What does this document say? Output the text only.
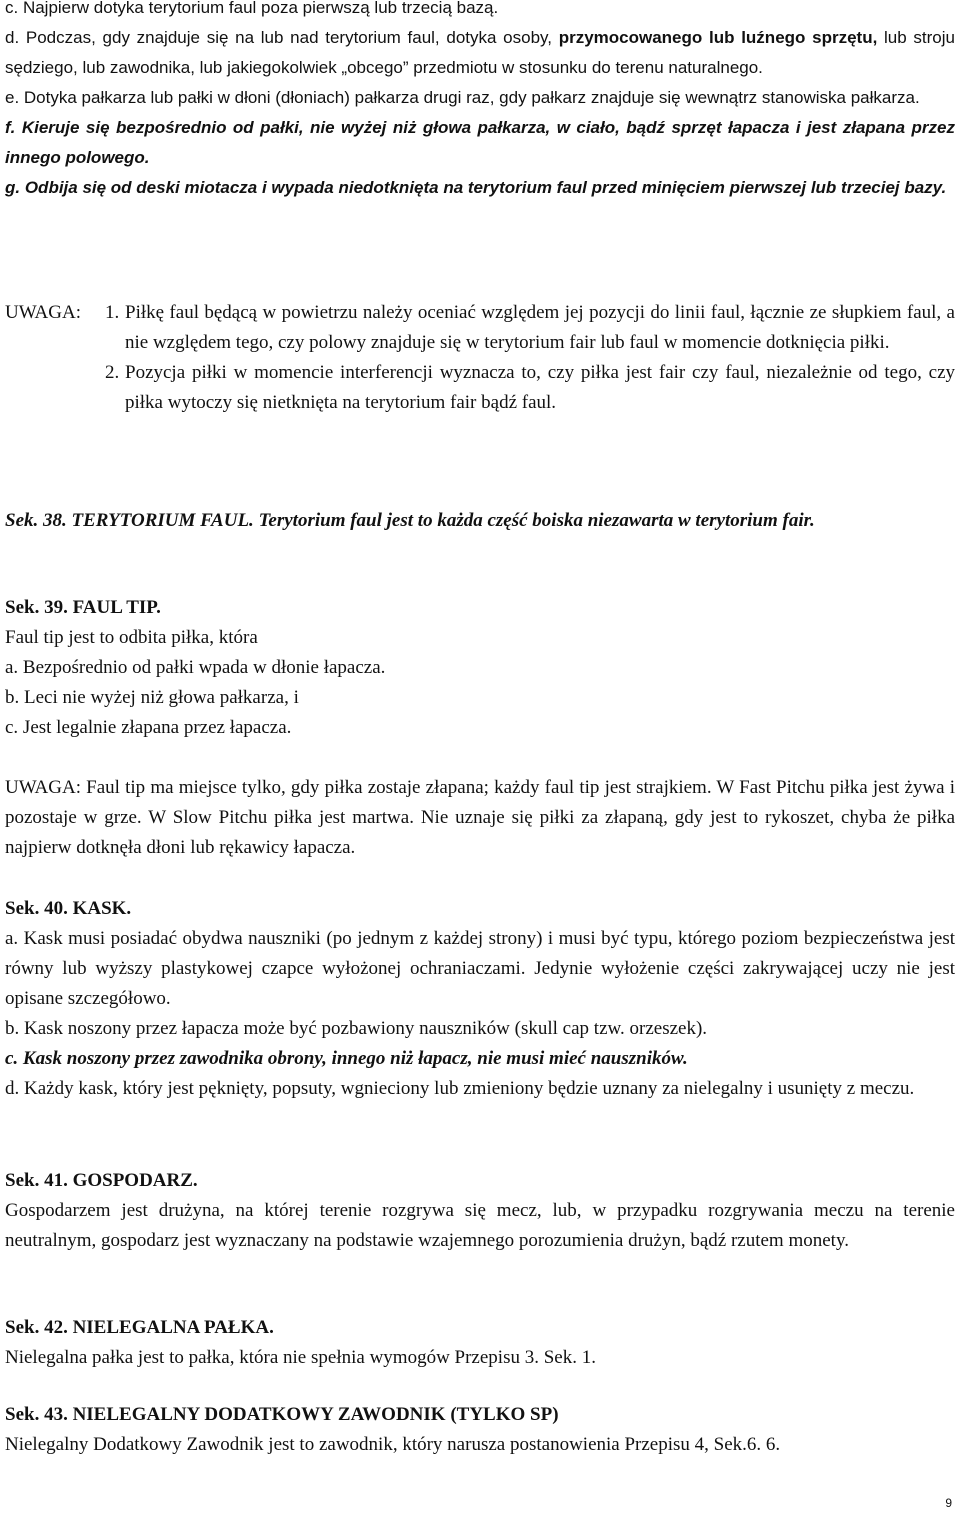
c. Najpierw dotyka terytorium faul poza pierwszą lub trzecią bazą.

d. Podczas, gdy znajduje się na lub nad terytorium faul, dotyka osoby, przymocowanego lub luźnego sprzętu, lub stroju sędziego, lub zawodnika, lub jakiegokolwiek „obcego” przedmiotu w stosunku do terenu naturalnego.

e. Dotyka pałkarza lub pałki w dłoni (dłoniach) pałkarza drugi raz, gdy pałkarz znajduje się wewnątrz stanowiska pałkarza.

f. Kieruje się bezpośrednio od pałki, nie wyżej niż głowa pałkarza, w ciało, bądź sprzęt łapacza i jest złapana przez innego polowego.

g. Odbija się od deski miotacza i wypada niedotknięta na terytorium faul przed minięciem pierwszej lub trzeciej bazy.

UWAGA:	1. Piłkę faul będącą w powietrzu należy oceniać względem jej pozycji do linii faul, łącznie ze słupkiem faul, a nie względem tego, czy polowy znajduje się w terytorium fair lub faul w momencie dotknięcia piłki.
2. Pozycja piłki w momencie interferencji wyznacza to, czy piłka jest fair czy faul, niezależnie od tego, czy piłka wytoczy się nietknięta na terytorium fair bądź faul.

Sek. 38. TERYTORIUM FAUL. Terytorium faul jest to każda część boiska niezawarta w terytorium fair.

Sek. 39. FAUL TIP.

Faul tip jest to odbita piłka, która

a. Bezpośrednio od pałki wpada w dłonie łapacza.

b. Leci nie wyżej niż głowa pałkarza, i

c. Jest legalnie złapana przez łapacza.

UWAGA: Faul tip ma miejsce tylko, gdy piłka zostaje złapana; każdy faul tip jest strajkiem. W Fast Pitchu piłka jest żywa i pozostaje w grze. W Slow Pitchu piłka jest martwa. Nie uznaje się piłki za złapaną, gdy jest to rykoszet, chyba że piłka najpierw dotknęła dłoni lub rękawicy łapacza.

Sek. 40. KASK.

a. Kask musi posiadać obydwa nauszniki (po jednym z każdej strony) i musi być typu, którego poziom bezpieczeństwa jest równy lub wyższy plastykowej czapce wyłożonej ochraniaczami. Jedynie wyłożenie części zakrywającej uczy nie jest opisane szczegółowo.

b. Kask noszony przez łapacza może być pozbawiony nauszników (skull cap tzw. orzeszek).

c. Kask noszony przez zawodnika obrony, innego niż łapacz, nie musi mieć nauszników.

d. Każdy kask, który jest pęknięty, popsuty, wgnieciony lub zmieniony będzie uznany za nielegalny i usunięty z meczu.

Sek. 41. GOSPODARZ.

Gospodarzem jest drużyna, na której terenie rozgrywa się mecz, lub, w przypadku rozgrywania meczu na terenie neutralnym, gospodarz jest wyznaczany na podstawie wzajemnego porozumienia drużyn, bądź rzutem monety.

Sek. 42. NIELEGALNA PAŁKA.

Nielegalna pałka jest to pałka, która nie spełnia wymogów Przepisu 3. Sek. 1.

Sek. 43. NIELEGALNY DODATKOWY ZAWODNIK (TYLKO SP)

Nielegalny Dodatkowy Zawodnik jest to zawodnik, który narusza postanowienia Przepisu 4, Sek.6. 6.

9
